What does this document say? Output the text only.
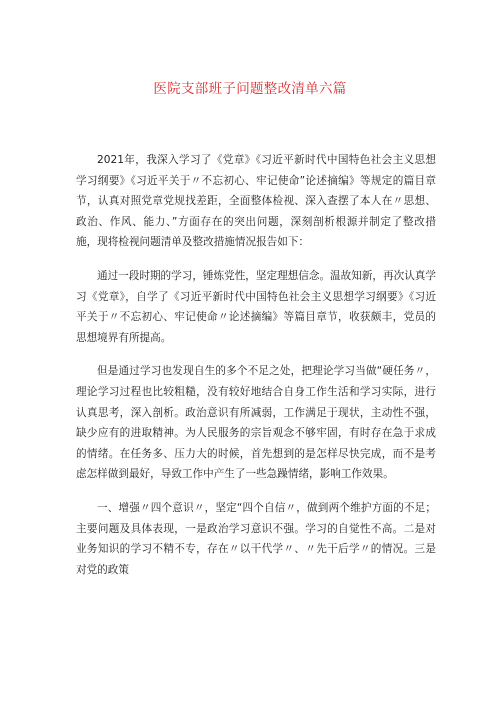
医院支部班子问题整改清单六篇

2021年，我深入学习了《党章》《习近平新时代中国特色社会主义思想学习纲要》《习近平关于〃不忘初心、牢记使命”论述摘编》等规定的篇目章节，认真对照党章党规找差距，全面整体检视、深入查摆了本人在〃思想、政治、作风、能力、”方面存在的突出问题，深刻剖析根源并制定了整改措施，现将检视问题清单及整改措施情况报告如下：

通过一段时期的学习，锤炼党性，坚定理想信念。温故知新，再次认真学习《党章》，自学了《习近平新时代中国特色社会主义思想学习纲要》《习近平关于〃不忘初心、牢记使命〃论述摘编》等篇目章节，收获颇丰，党员的思想境界有所提高。

但是通过学习也发现自生的多个不足之处，把理论学习当做“硬任务〃，理论学习过程也比较粗糙，没有较好地结合自身工作生活和学习实际，进行认真思考，深入剖析。政治意识有所减弱，工作满足于现状，主动性不强，缺少应有的进取精神。为人民服务的宗旨观念不够牢固，有时存在急于求成的情绪。在任务多、压力大的时候，首先想到的是怎样尽快完成，而不是考虑怎样做到最好，导致工作中产生了一些急躁情绪，影响工作效果。

一、增强〃四个意识〃，坚定“四个自信〃，做到两个维护方面的不足；主要问题及具体表现，一是政治学习意识不强。学习的自觉性不高。二是对业务知识的学习不精不专，存在〃以干代学〃、〃先干后学〃的情况。三是对党的政策
